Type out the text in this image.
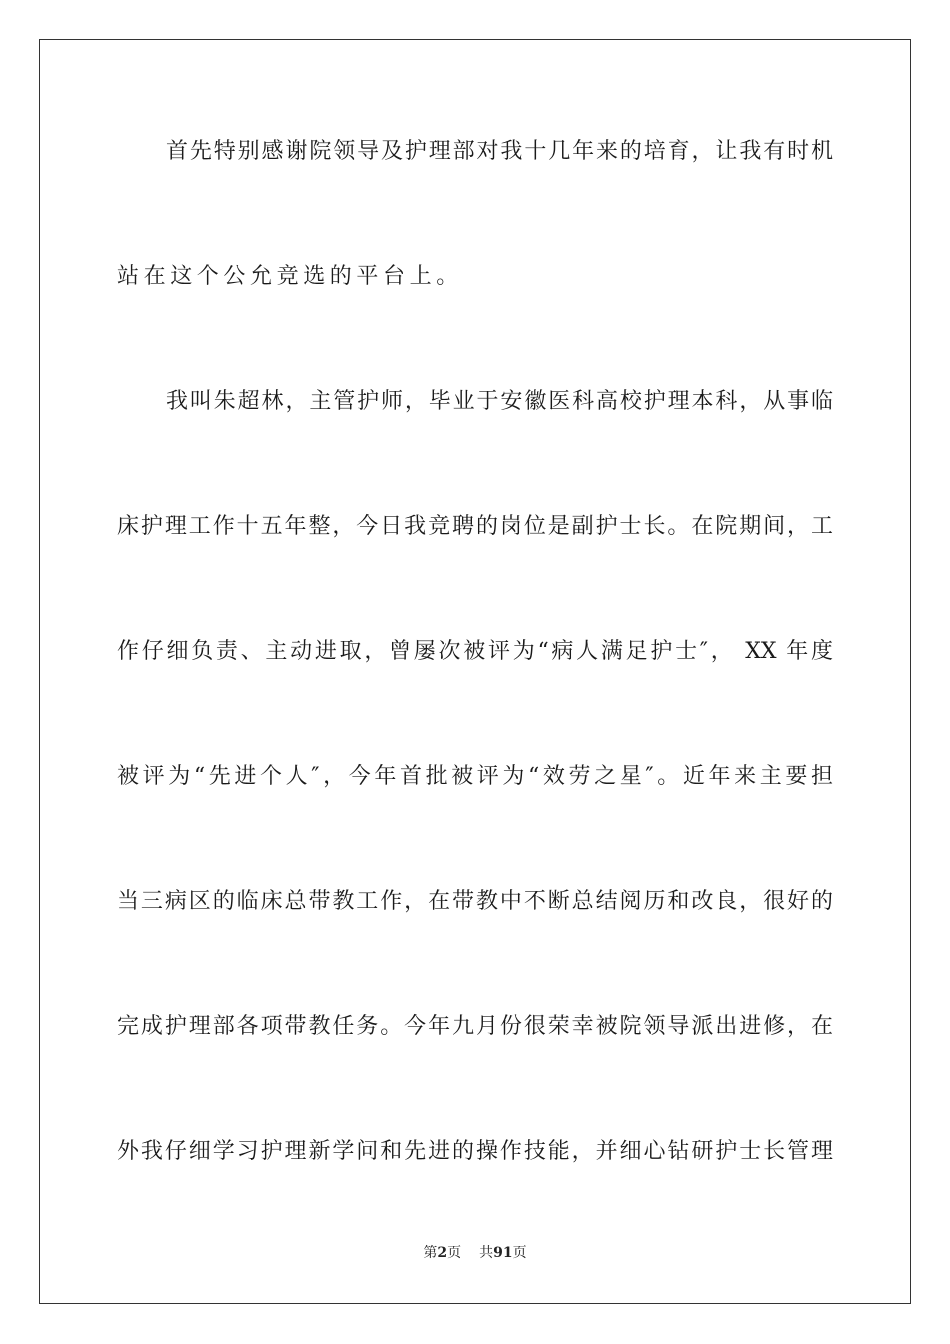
首先特别感谢院领导及护理部对我十几年来的培育，让我有时机
站在这个公允竞选的平台上。
我叫朱超林，主管护师，毕业于安徽医科高校护理本科，从事临
床护理工作十五年整，今日我竞聘的岗位是副护士长。在院期间，工
作仔细负责、主动进取，曾屡次被评为“病人满足护士″， XX 年度
被评为“先进个人″，今年首批被评为“效劳之星″。近年来主要担
当三病区的临床总带教工作，在带教中不断总结阅历和改良，很好的
完成护理部各项带教任务。今年九月份很荣幸被院领导派出进修，在
外我仔细学习护理新学问和先进的操作技能，并细心钻研护士长管理
第2页 共91页
